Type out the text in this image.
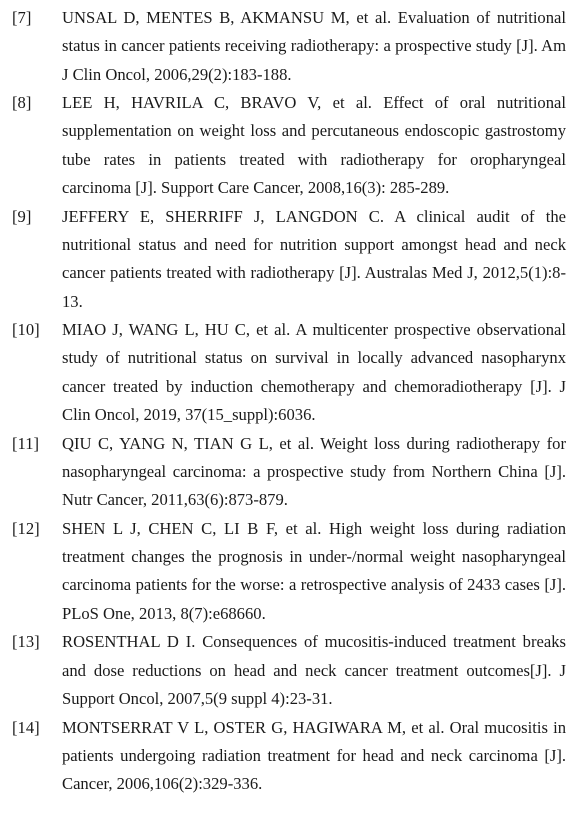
[7] UNSAL D, MENTES B, AKMANSU M, et al. Evaluation of nutritional status in cancer patients receiving radiotherapy: a prospective study [J]. Am J Clin Oncol, 2006,29(2):183-188.
[8] LEE H, HAVRILA C, BRAVO V, et al. Effect of oral nutritional supplementation on weight loss and percutaneous endoscopic gastrostomy tube rates in patients treated with radiotherapy for oropharyngeal carcinoma [J]. Support Care Cancer, 2008,16(3): 285-289.
[9] JEFFERY E, SHERRIFF J, LANGDON C. A clinical audit of the nutritional status and need for nutrition support amongst head and neck cancer patients treated with radiotherapy [J]. Australas Med J, 2012,5(1):8-13.
[10] MIAO J, WANG L, HU C, et al. A multicenter prospective observational study of nutritional status on survival in locally advanced nasopharynx cancer treated by induction chemotherapy and chemoradiotherapy [J]. J Clin Oncol, 2019, 37(15_suppl):6036.
[11] QIU C, YANG N, TIAN G L, et al. Weight loss during radiotherapy for nasopharyngeal carcinoma: a prospective study from Northern China [J]. Nutr Cancer, 2011,63(6):873-879.
[12] SHEN L J, CHEN C, LI B F, et al. High weight loss during radiation treatment changes the prognosis in under-/normal weight nasopharyngeal carcinoma patients for the worse: a retrospective analysis of 2433 cases [J]. PLoS One, 2013, 8(7):e68660.
[13] ROSENTHAL D I. Consequences of mucositis-induced treatment breaks and dose reductions on head and neck cancer treatment outcomes[J]. J Support Oncol, 2007,5(9 suppl 4):23-31.
[14] MONTSERRAT V L, OSTER G, HAGIWARA M, et al. Oral mucositis in patients undergoing radiation treatment for head and neck carcinoma [J]. Cancer, 2006,106(2):329-336.
